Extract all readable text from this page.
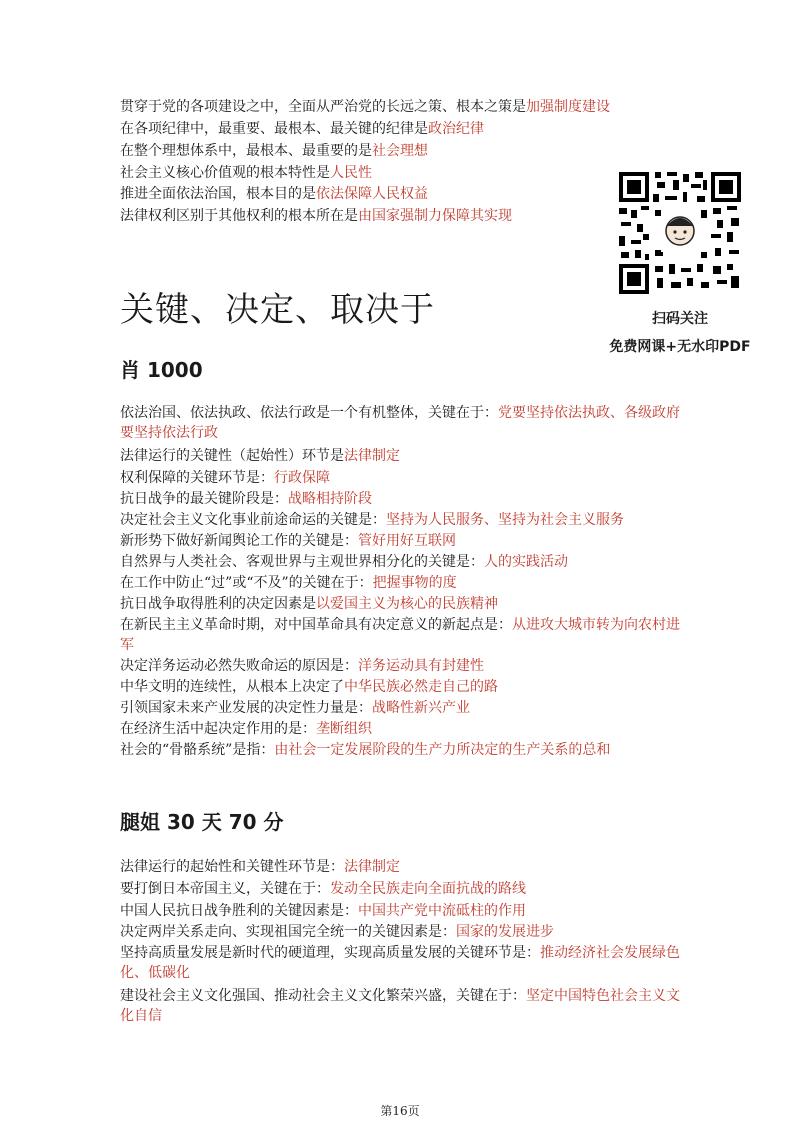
贯穿于党的各项建设之中，全面从严治党的长远之策、根本之策是加强制度建设

在各项纪律中，最重要、最根本、最关键的纪律是政治纪律

在整个理想体系中，最根本、最重要的是社会理想

社会主义核心价值观的根本特性是人民性

推进全面依法治国，根本目的是依法保障人民权益

法律权利区别于其他权利的根本所在是由国家强制力保障其实现

扫码关注
免费网课+无水印PDF
关键、决定、取决于
肖 1000

依法治国、依法执政、依法行政是一个有机整体，关键在于：党要坚持依法执政、各级政府要坚持依法行政

法律运行的关键性（起始性）环节是法律制定

权利保障的关键环节是：行政保障

抗日战争的最关键阶段是：战略相持阶段

决定社会主义文化事业前途命运的关键是：坚持为人民服务、坚持为社会主义服务

新形势下做好新闻舆论工作的关键是：管好用好互联网

自然界与人类社会、客观世界与主观世界相分化的关键是：人的实践活动

在工作中防止“过”或“不及”的关键在于：把握事物的度

抗日战争取得胜利的决定因素是以爱国主义为核心的民族精神

在新民主主义革命时期，对中国革命具有决定意义的新起点是：从进攻大城市转为向农村进军

决定洋务运动必然失败命运的原因是：洋务运动具有封建性

中华文明的连续性，从根本上决定了中华民族必然走自己的路

引领国家未来产业发展的决定性力量是：战略性新兴产业

在经济生活中起决定作用的是：垄断组织

社会的“骨骼系统”是指：由社会一定发展阶段的生产力所决定的生产关系的总和

腿姐 30 天 70 分

法律运行的起始性和关键性环节是：法律制定

要打倒日本帝国主义，关键在于：发动全民族走向全面抗战的路线

中国人民抗日战争胜利的关键因素是：中国共产党中流砥柱的作用

决定两岸关系走向、实现祖国完全统一的关键因素是：国家的发展进步

坚持高质量发展是新时代的硬道理，实现高质量发展的关键环节是：推动经济社会发展绿色化、低碳化

建设社会主义文化强国、推动社会主义文化繁荣兴盛，关键在于：坚定中国特色社会主义文化自信

第16页
